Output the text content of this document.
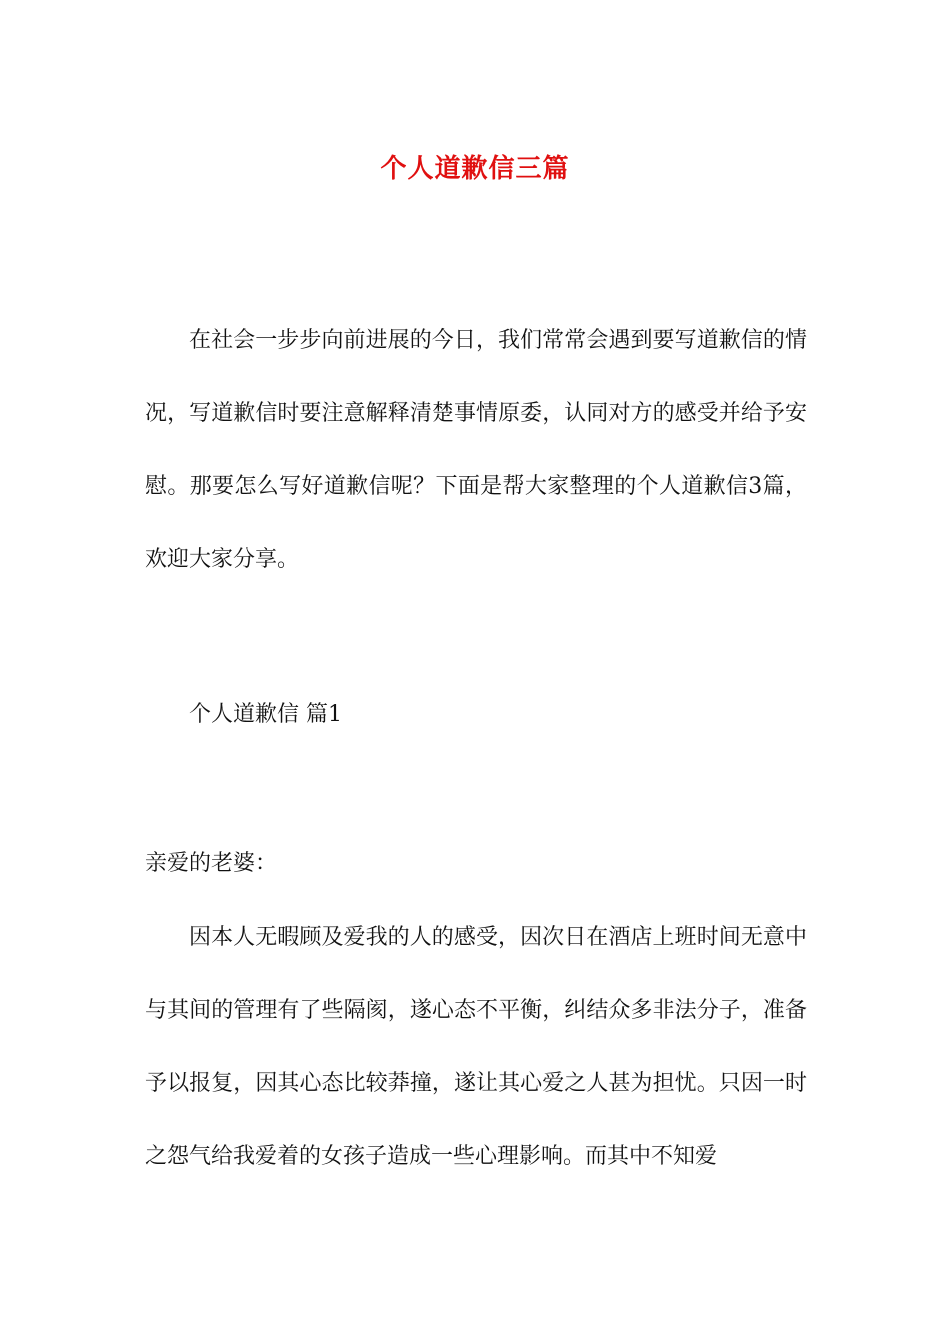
个人道歉信三篇

在社会一步步向前进展的今日，我们常常会遇到要写道歉信的情况，写道歉信时要注意解释清楚事情原委，认同对方的感受并给予安慰。那要怎么写好道歉信呢？下面是帮大家整理的个人道歉信3篇，欢迎大家分享。

个人道歉信 篇1

亲爱的老婆：

因本人无暇顾及爱我的人的感受，因次日在酒店上班时间无意中与其间的管理有了些隔阂，遂心态不平衡，纠结众多非法分子，准备予以报复，因其心态比较莽撞，遂让其心爱之人甚为担忧。只因一时之怨气给我爱着的女孩子造成一些心理影响。而其中不知爱
